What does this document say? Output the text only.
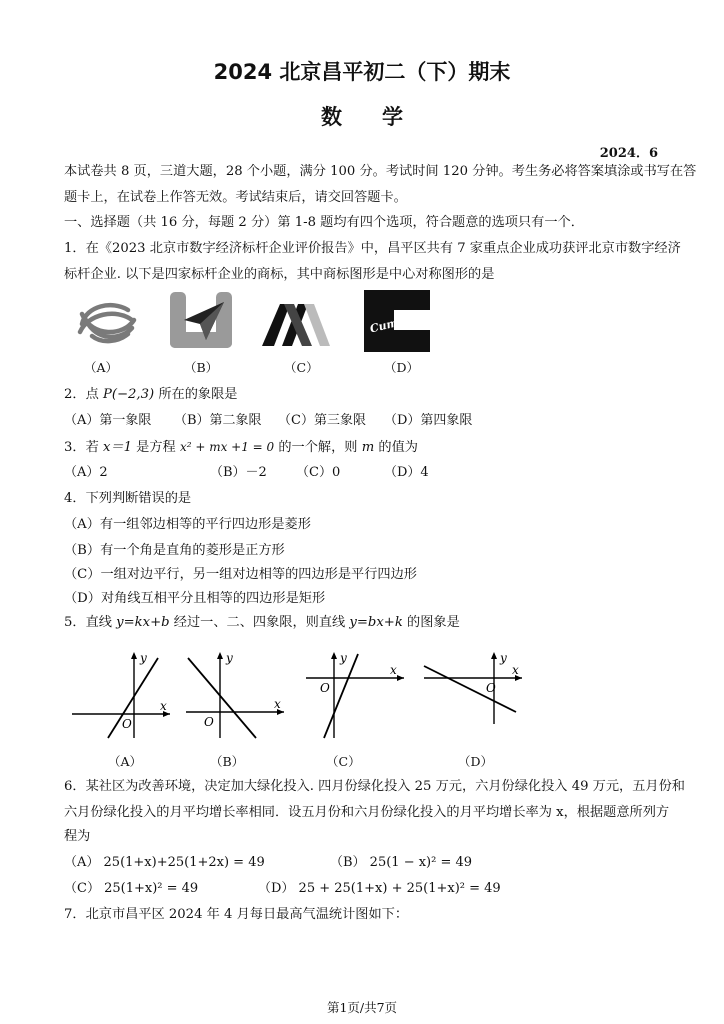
2024 北京昌平初二（下）期末
数学
2024．6
本试卷共 8 页，三道大题，28 个小题，满分 100 分。考试时间 120 分钟。考生务必将答案填涂或书写在答
题卡上，在试卷上作答无效。考试结束后，请交回答题卡。
一、选择题（共 16 分，每题 2 分）第 1-8 题均有四个选项，符合题意的选项只有一个．
1．在《2023 北京市数字经济标杆企业评价报告》中，昌平区共有 7 家重点企业成功获评北京市数字经济
标杆企业. 以下是四家标杆企业的商标，其中商标图形是中心对称图形的是
Cummins
（A）	（B）	（C）	（D）
2．点 P(−2,3) 所在的象限是
（A）第一象限 （B）第二象限 （C）第三象限 （D）第四象限
3．若 x＝1 是方程 x² + mx +1 = 0 的一个解，则 m 的值为
（A）2	（B）－2 （C）0	（D）4
4．下列判断错误的是
（A）有一组邻边相等的平行四边形是菱形
（B）有一个角是直角的菱形是正方形
（C）一组对边平行，另一组对边相等的四边形是平行四边形
（D）对角线互相平分且相等的四边形是矩形
5．直线 y=kx+b 经过一、二、四象限，则直线 y=bx+k 的图象是
x
y
O
x
y
O
x
y
O
x
y
O
（A）	（B）	（C）	（D）
6．某社区为改善环境，决定加大绿化投入. 四月份绿化投入 25 万元，六月份绿化投入 49 万元，五月份和
六月份绿化投入的月平均增长率相同．设五月份和六月份绿化投入的月平均增长率为 x，根据题意所列方
程为
（A） 25(1+x)+25(1+2x) = 49	（B） 25(1 − x)² = 49
（C） 25(1+x)² = 49	（D） 25 + 25(1+x) + 25(1+x)² = 49
7．北京市昌平区 2024 年 4 月每日最高气温统计图如下：
第1页/共7页
